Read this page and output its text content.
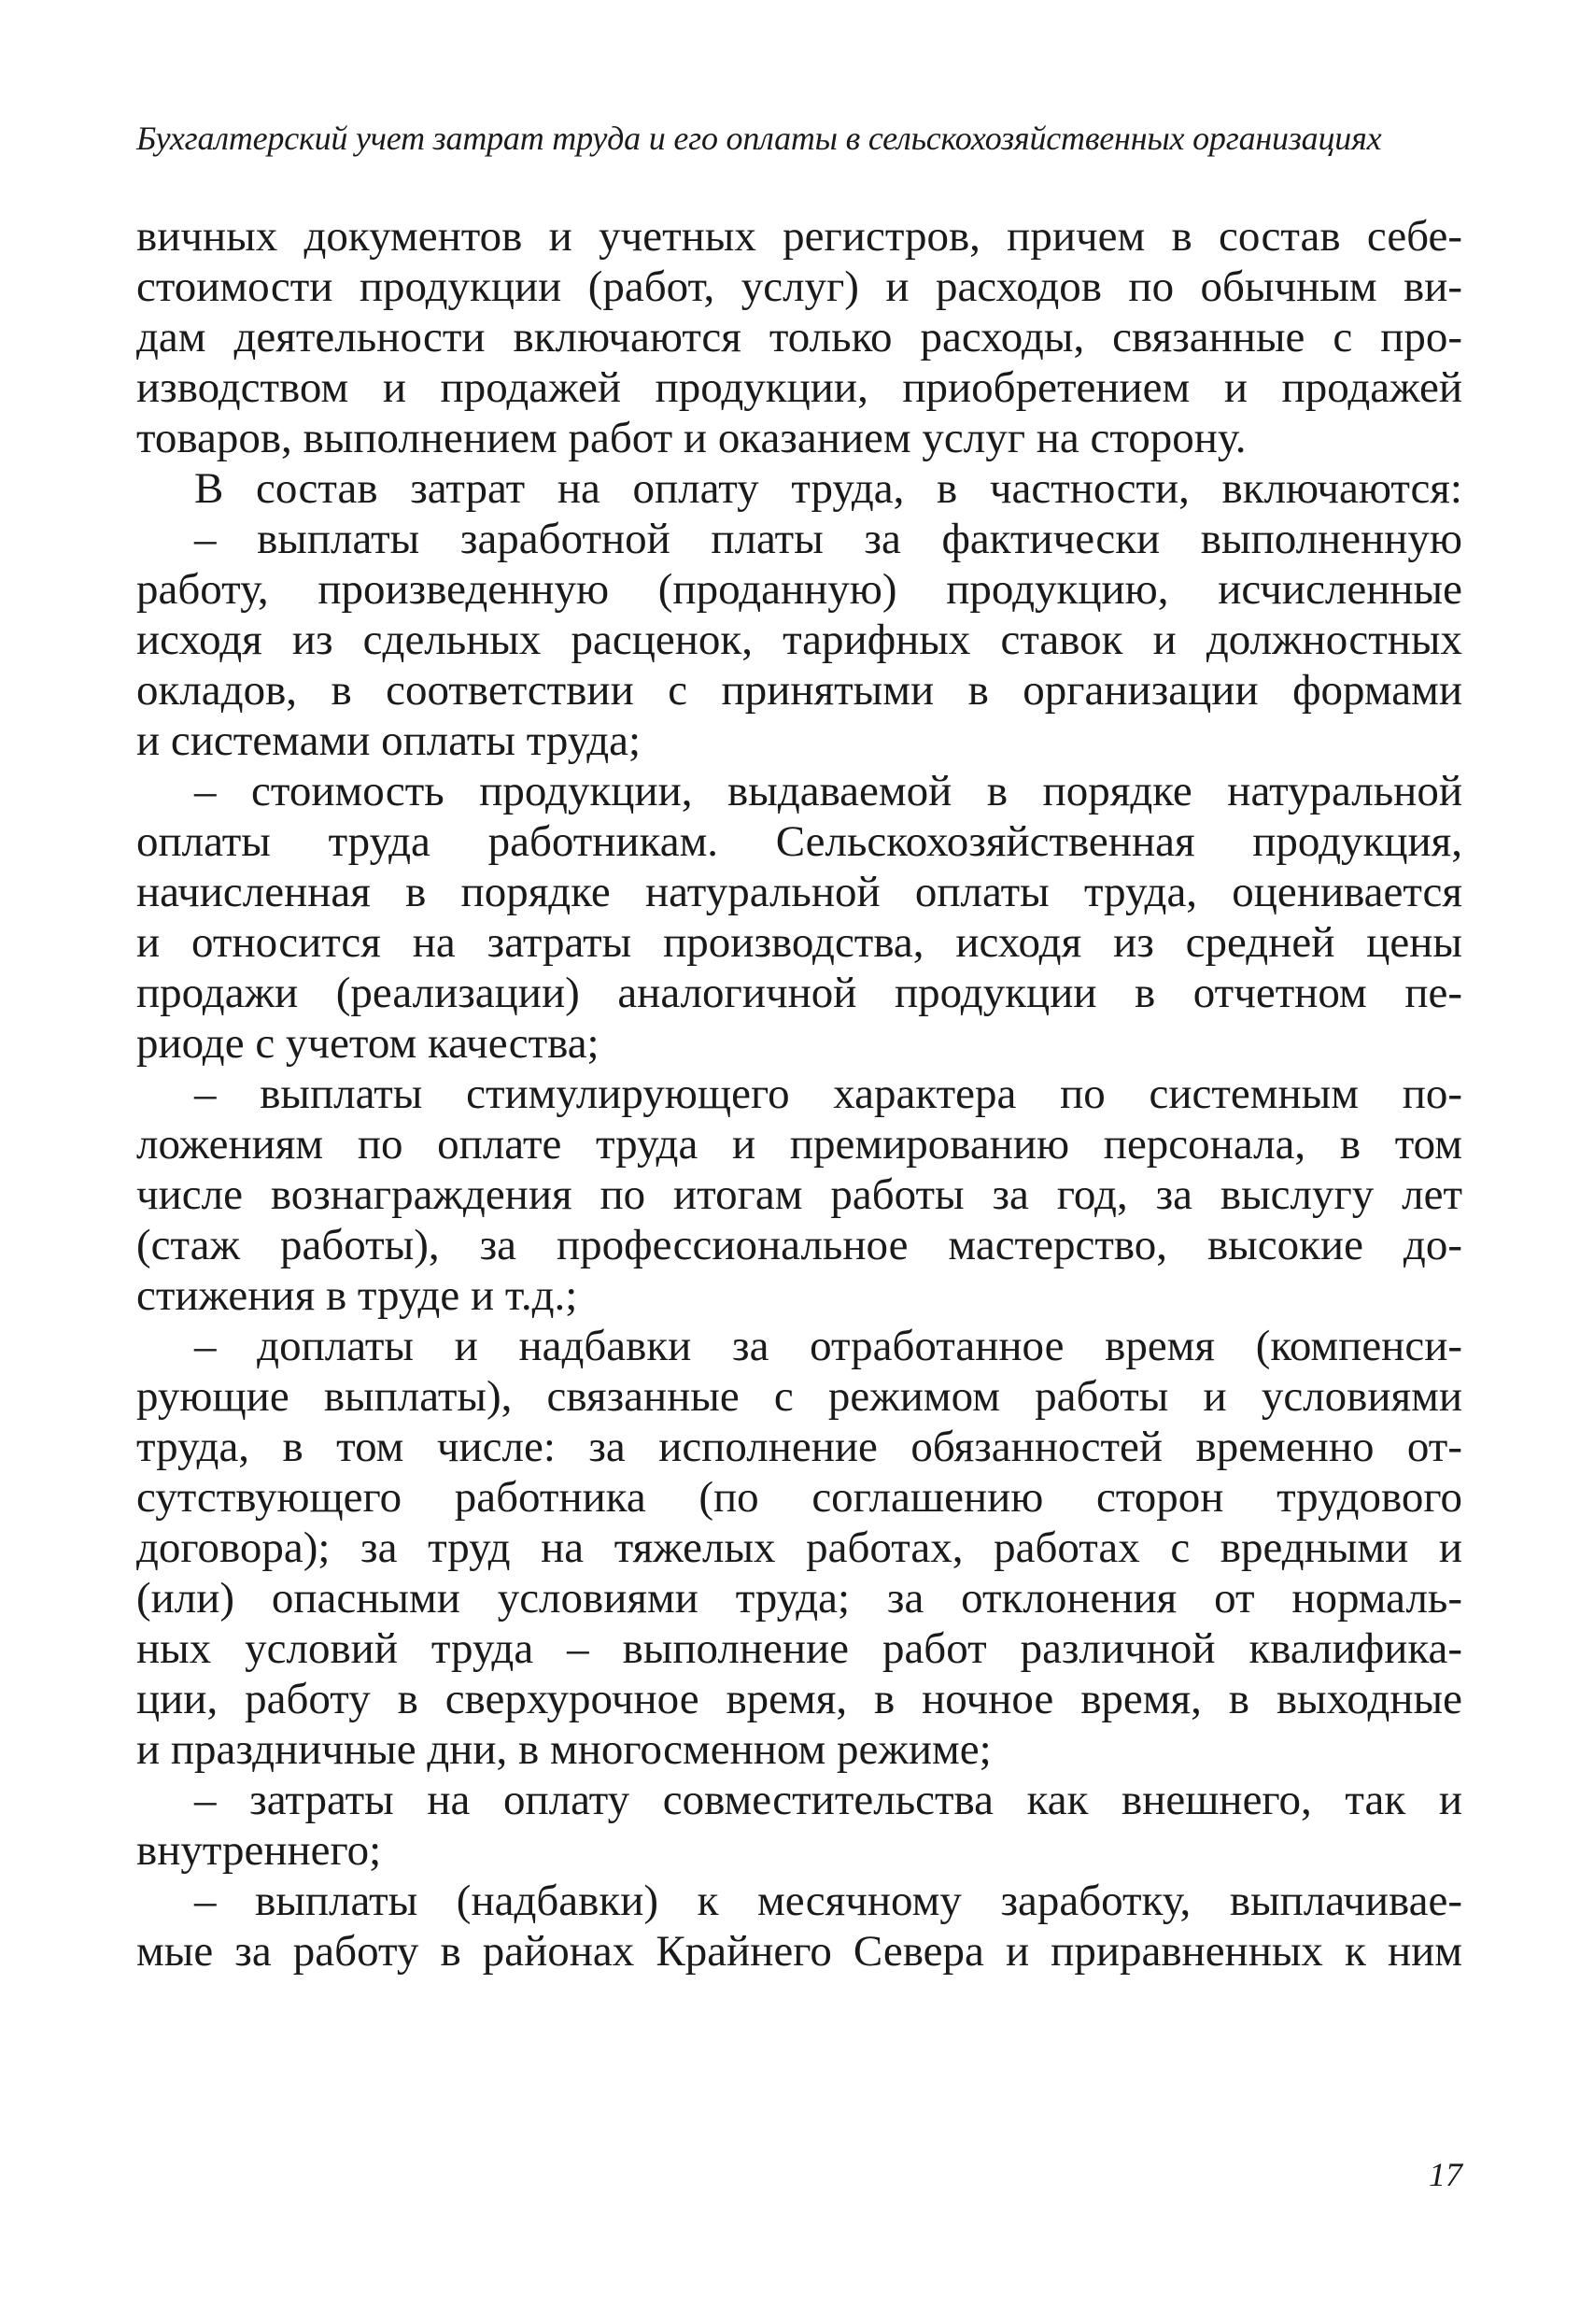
Бухгалтерский учет затрат труда и его оплаты в сельскохозяйственных организациях
вичных документов и учетных регистров, причем в состав себе-
стоимости продукции (работ, услуг) и расходов по обычным ви-
дам деятельности включаются только расходы, связанные с про-
изводством и продажей продукции, приобретением и продажей
товаров, выполнением работ и оказанием услуг на сторону.
В состав затрат на оплату труда, в частности, включаются:
– выплаты заработной платы за фактически выполненную
работу, произведенную (проданную) продукцию, исчисленные
исходя из сдельных расценок, тарифных ставок и должностных
окладов, в соответствии с принятыми в организации формами
и системами оплаты труда;
– стоимость продукции, выдаваемой в порядке натуральной
оплаты труда работникам. Сельскохозяйственная продукция,
начисленная в порядке натуральной оплаты труда, оценивается
и относится на затраты производства, исходя из средней цены
продажи (реализации) аналогичной продукции в отчетном пе-
риоде с учетом качества;
– выплаты стимулирующего характера по системным по-
ложениям по оплате труда и премированию персонала, в том
числе вознаграждения по итогам работы за год, за выслугу лет
(стаж работы), за профессиональное мастерство, высокие до-
стижения в труде и т.д.;
– доплаты и надбавки за отработанное время (компенси-
рующие выплаты), связанные с режимом работы и условиями
труда, в том числе: за исполнение обязанностей временно от-
сутствующего работника (по соглашению сторон трудового
договора); за труд на тяжелых работах, работах с вредными и
(или) опасными условиями труда; за отклонения от нормаль-
ных условий труда – выполнение работ различной квалифика-
ции, работу в сверхурочное время, в ночное время, в выходные
и праздничные дни, в многосменном режиме;
– затраты на оплату совместительства как внешнего, так и
внутреннего;
– выплаты (надбавки) к месячному заработку, выплачивае-
мые за работу в районах Крайнего Севера и приравненных к ним
17
